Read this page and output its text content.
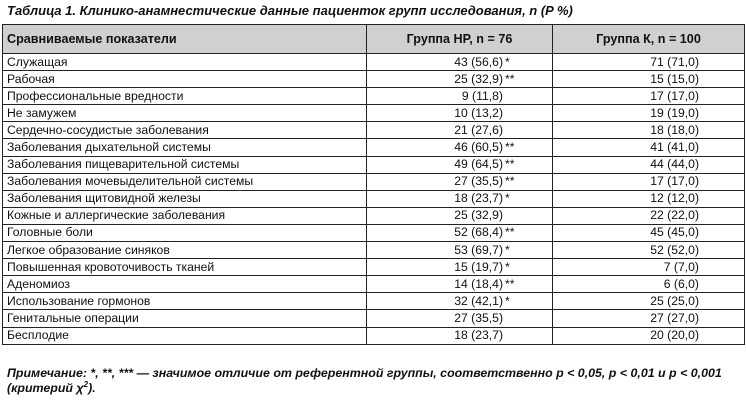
Таблица 1. Клинико-анамнестические данные пациенток групп исследования, n (P %)
Сравниваемые показатели	Группа НР, n = 76	Группа К, n = 100
Служащая	43 (56,6) *	71 (71,0)
Рабочая	25 (32,9) **	15 (15,0)
Профессиональные вредности	9 (11,8)	17 (17,0)
Не замужем	10 (13,2)	19 (19,0)
Сердечно-сосудистые заболевания	21 (27,6)	18 (18,0)
Заболевания дыхательной системы	46 (60,5) **	41 (41,0)
Заболевания пищеварительной системы	49 (64,5) **	44 (44,0)
Заболевания мочевыделительной системы	27 (35,5) **	17 (17,0)
Заболевания щитовидной железы	18 (23,7) *	12 (12,0)
Кожные и аллергические заболевания	25 (32,9)	22 (22,0)
Головные боли	52 (68,4) **	45 (45,0)
Легкое образование синяков	53 (69,7) *	52 (52,0)
Повышенная кровоточивость тканей	15 (19,7) *	7 (7,0)
Аденомиоз	14 (18,4) **	6 (6,0)
Использование гормонов	32 (42,1) *	25 (25,0)
Генитальные операции	27 (35,5)	27 (27,0)
Бесплодие	18 (23,7)	20 (20,0)
Примечание: *, **, *** — значимое отличие от референтной группы, соответственно p < 0,05, p < 0,01 и p < 0,001 (критерий $\chi^2$).
